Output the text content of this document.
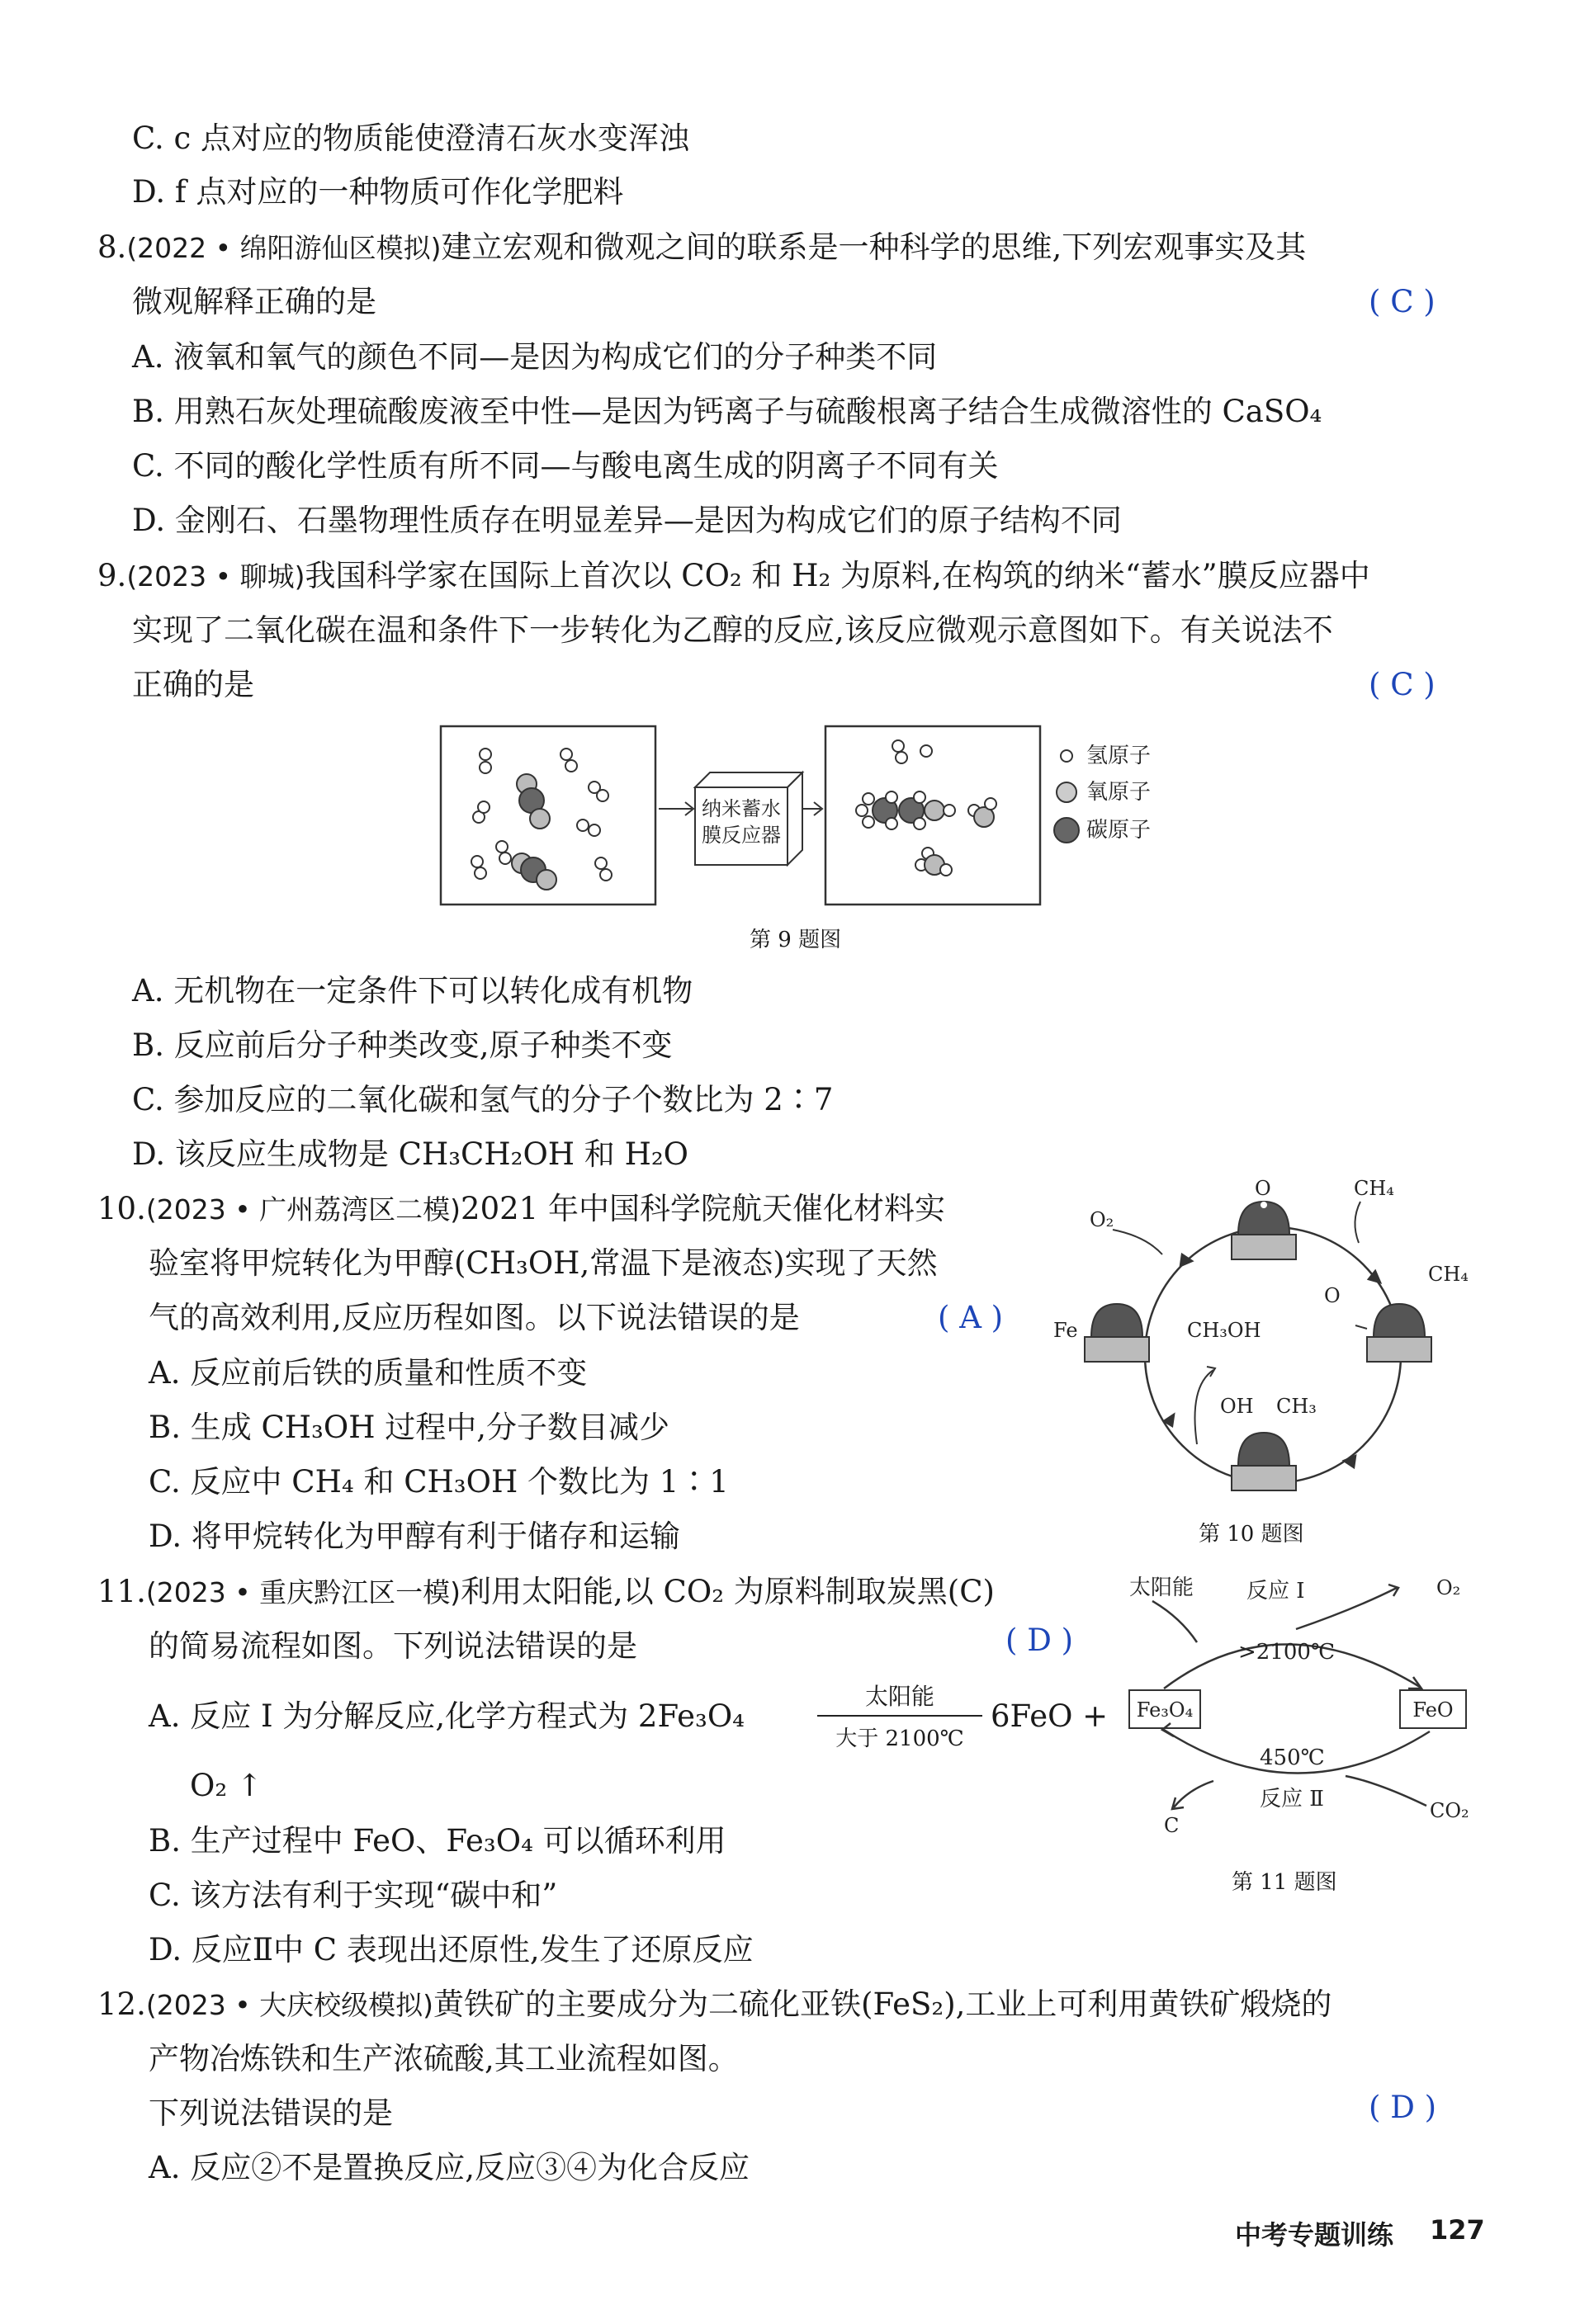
C. c 点对应的物质能使澄清石灰水变浑浊
D. f 点对应的一种物质可作化学肥料
8.(2022 • 绵阳游仙区模拟)建立宏观和微观之间的联系是一种科学的思维,下列宏观事实及其
微观解释正确的是	( C )
A. 液氧和氧气的颜色不同—是因为构成它们的分子种类不同
B. 用熟石灰处理硫酸废液至中性—是因为钙离子与硫酸根离子结合生成微溶性的 CaSO₄
C. 不同的酸化学性质有所不同—与酸电离生成的阴离子不同有关
D. 金刚石、石墨物理性质存在明显差异—是因为构成它们的原子结构不同
9.(2023 • 聊城)我国科学家在国际上首次以 CO₂ 和 H₂ 为原料,在构筑的纳米“蓄水”膜反应器中
实现了二氧化碳在温和条件下一步转化为乙醇的反应,该反应微观示意图如下。有关说法不
正确的是	( C )
纳米蓄水
膜反应器
氢原子
氧原子
碳原子
第 9 题图
A. 无机物在一定条件下可以转化成有机物
B. 反应前后分子种类改变,原子种类不变
C. 参加反应的二氧化碳和氢气的分子个数比为 2∶7
D. 该反应生成物是 CH₃CH₂OH 和 H₂O
10.(2023 • 广州荔湾区二模)2021 年中国科学院航天催化材料实
验室将甲烷转化为甲醇(CH₃OH,常温下是液态)实现了天然
气的高效利用,反应历程如图。以下说法错误的是	( A )
A. 反应前后铁的质量和性质不变
B. 生成 CH₃OH 过程中,分子数目减少
C. 反应中 CH₄ 和 CH₃OH 个数比为 1∶1
D. 将甲烷转化为甲醇有利于储存和运输
O	CH₄
O₂
CH₄
O
Fe	CH₃OH
OH CH₃
第 10 题图
11.(2023 • 重庆黔江区一模)利用太阳能,以 CO₂ 为原料制取炭黑(C)
的简易流程如图。下列说法错误的是	( D )
A. 反应 Ⅰ 为分解反应,化学方程式为 2Fe₃O₄
太阳能
大于 2100℃
6FeO +
O₂ ↑
B. 生产过程中 FeO、Fe₃O₄ 可以循环利用
C. 该方法有利于实现“碳中和”
D. 反应Ⅱ中 C 表现出还原性,发生了还原反应
Fe₃O₄	FeO
太阳能 反应 Ⅰ	O₂
>2100℃
450℃
反应 Ⅱ
C
CO₂
第 11 题图
12.(2023 • 大庆校级模拟)黄铁矿的主要成分为二硫化亚铁(FeS₂),工业上可利用黄铁矿煅烧的
产物冶炼铁和生产浓硫酸,其工业流程如图。
下列说法错误的是	( D )
A. 反应②不是置换反应,反应③④为化合反应
中考专题训练 127
